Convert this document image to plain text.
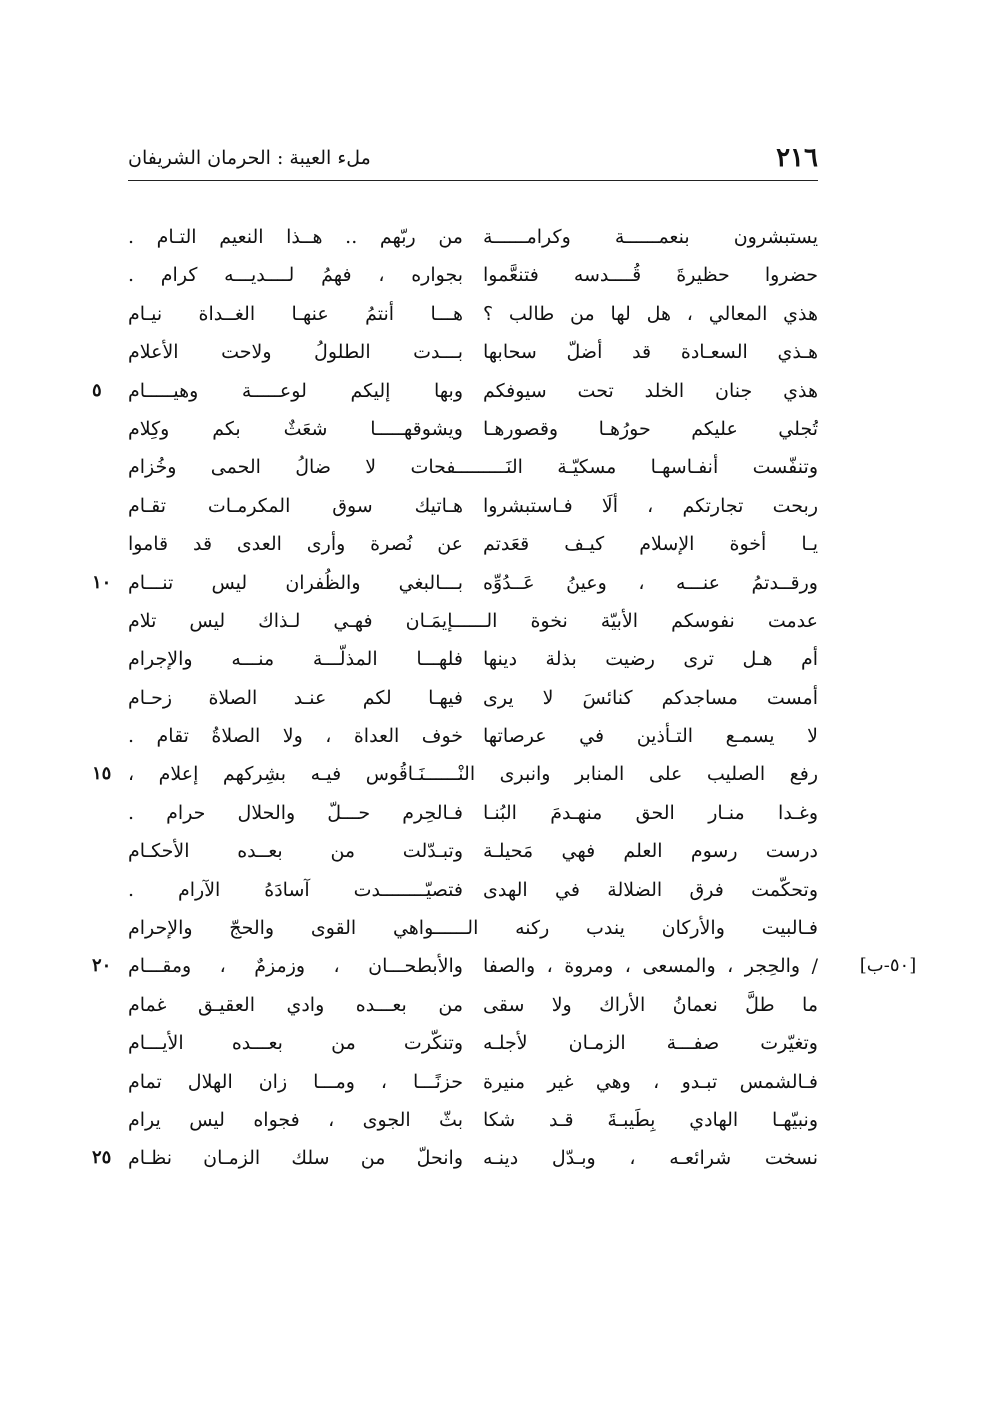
٢١٦
ملء العيبة : الحرمان الشريفان
يستبشرون بنعمــــــة وكرامــــــة
من ربّهم .. هــذا النعيم التـام .
حضروا حظيرةَ قُــــدسه فتنعَّموا
بجواره ، فهمُ لــــديـــه كرام .
هذي المعالي ، هل لها من طالب ؟
هـــا أنتمُ عنهـا الغــداة نيـام
هـذي السعـادة قد أضلّ سحابها
بـــدت الطلولُ ولاحت الأعلام
هذي جنان الخلد تحت سيوفكم
وبها إليكم لوعـــــة وهيـــــام
٥
تُجلي عليكم حورُهـا وقصورهـا
ويشوقهـــــا شعَثٌ بكم وكِلام
وتنفّست أنفـاسهـا مسكيّـة النَـــــــــفحات لا ضالُ الحمى وخُزام
ربحت تجارتكم ، ألَا فـاستبشروا
هـاتيك سوق المكرمـات تقـام
يـا أخوة الإسلام كيـف قعَدتم
عن نُصرة وأرى العدى قد قاموا
ورقــدتمُ عنـــه ، وعينُ عَــدُوِّه
بـــالبغي والظُفران ليس تنـــام
١٠
عدمت نفوسكم الأبيّة نخوة الــــــإيمَـان فهـي لـذاك ليس تلام
أم هـل ترى رضيت بذلة دينها
فلهـــا المذلّـــة منـــه والإجرام
أمست مساجدكم كنائسَ لا يرى
فيهـا لكم عنـد الصلاة زحـام
لا يسمـع التـأذين في عرصاتها
خوف العداة ، ولا الصلاةُ تقام .
رفع الصليب على المنابر وانبرى النْــــــنَـاقُوس فيـه بشِركهم إعلام ،
١٥
وغـدا منـار الحق منهـدمَ البُنـا
فـالحِرم حـــلّ والحلال حرام .
درست رسوم العلم فهي مَحيلـة
وتبـدّلت من بعــده الأحكـام
وتحكّمت فرق الضلالة في الهدى
فتصيّــــــــدت آسادَهُ الآرام .
فـالبيت والأركان يندب ركنه الــــــواهي القوى والحجّ والإحرام
/ والحِجر ، والمسعى ، ومروة ، والصفا
والأبطحـــان ، وزمزمٌ ، ومقـــام
٢٠	[٥٠-ب]
ما طلَّ نعمانُ الأراك ولا سقى
من بعـــده وادي العقيـق غمام
وتغيّرت صفـــة الزمـان لأجلـه
وتنكّرت من بعـــده الأيـــام
فـالشمس تبـدو ، وهي غير منيرة
حزنًـــا ، ومـــا زان الهلال تمام
ونبيّهـا الهادي بِطَيبـةَ قـد شكا
بثّ الجوى ، فجواه ليس يرام
نسخت شرائعـه ، وبـدّل دينـه
وانحلّ من سلك الزمـان نظـام
٢٥
